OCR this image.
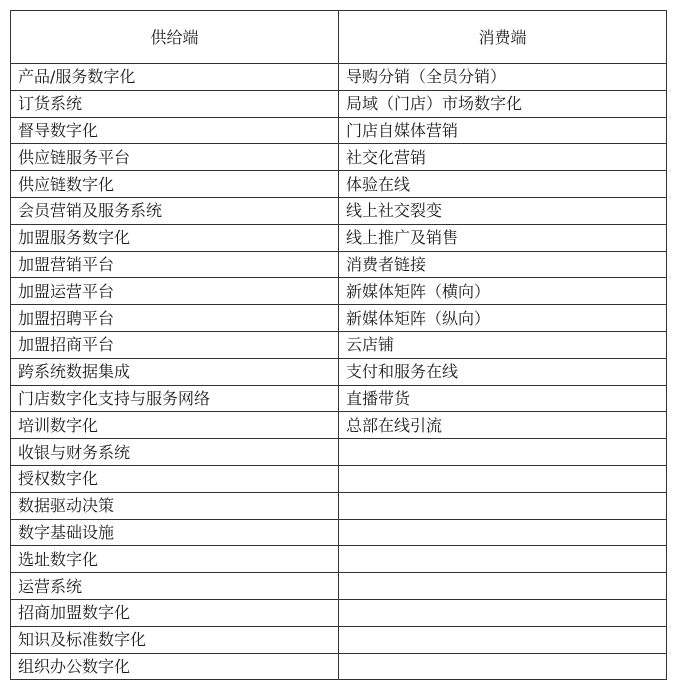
供给端	消费端
产品/服务数字化	导购分销（全员分销）
订货系统	局域（门店）市场数字化
督导数字化	门店自媒体营销
供应链服务平台	社交化营销
供应链数字化	体验在线
会员营销及服务系统	线上社交裂变
加盟服务数字化	线上推广及销售
加盟营销平台	消费者链接
加盟运营平台	新媒体矩阵（横向）
加盟招聘平台	新媒体矩阵（纵向）
加盟招商平台	云店铺
跨系统数据集成	支付和服务在线
门店数字化支持与服务网络	直播带货
培训数字化	总部在线引流
收银与财务系统	
授权数字化	
数据驱动决策	
数字基础设施	
选址数字化	
运营系统	
招商加盟数字化	
知识及标准数字化	
组织办公数字化	
